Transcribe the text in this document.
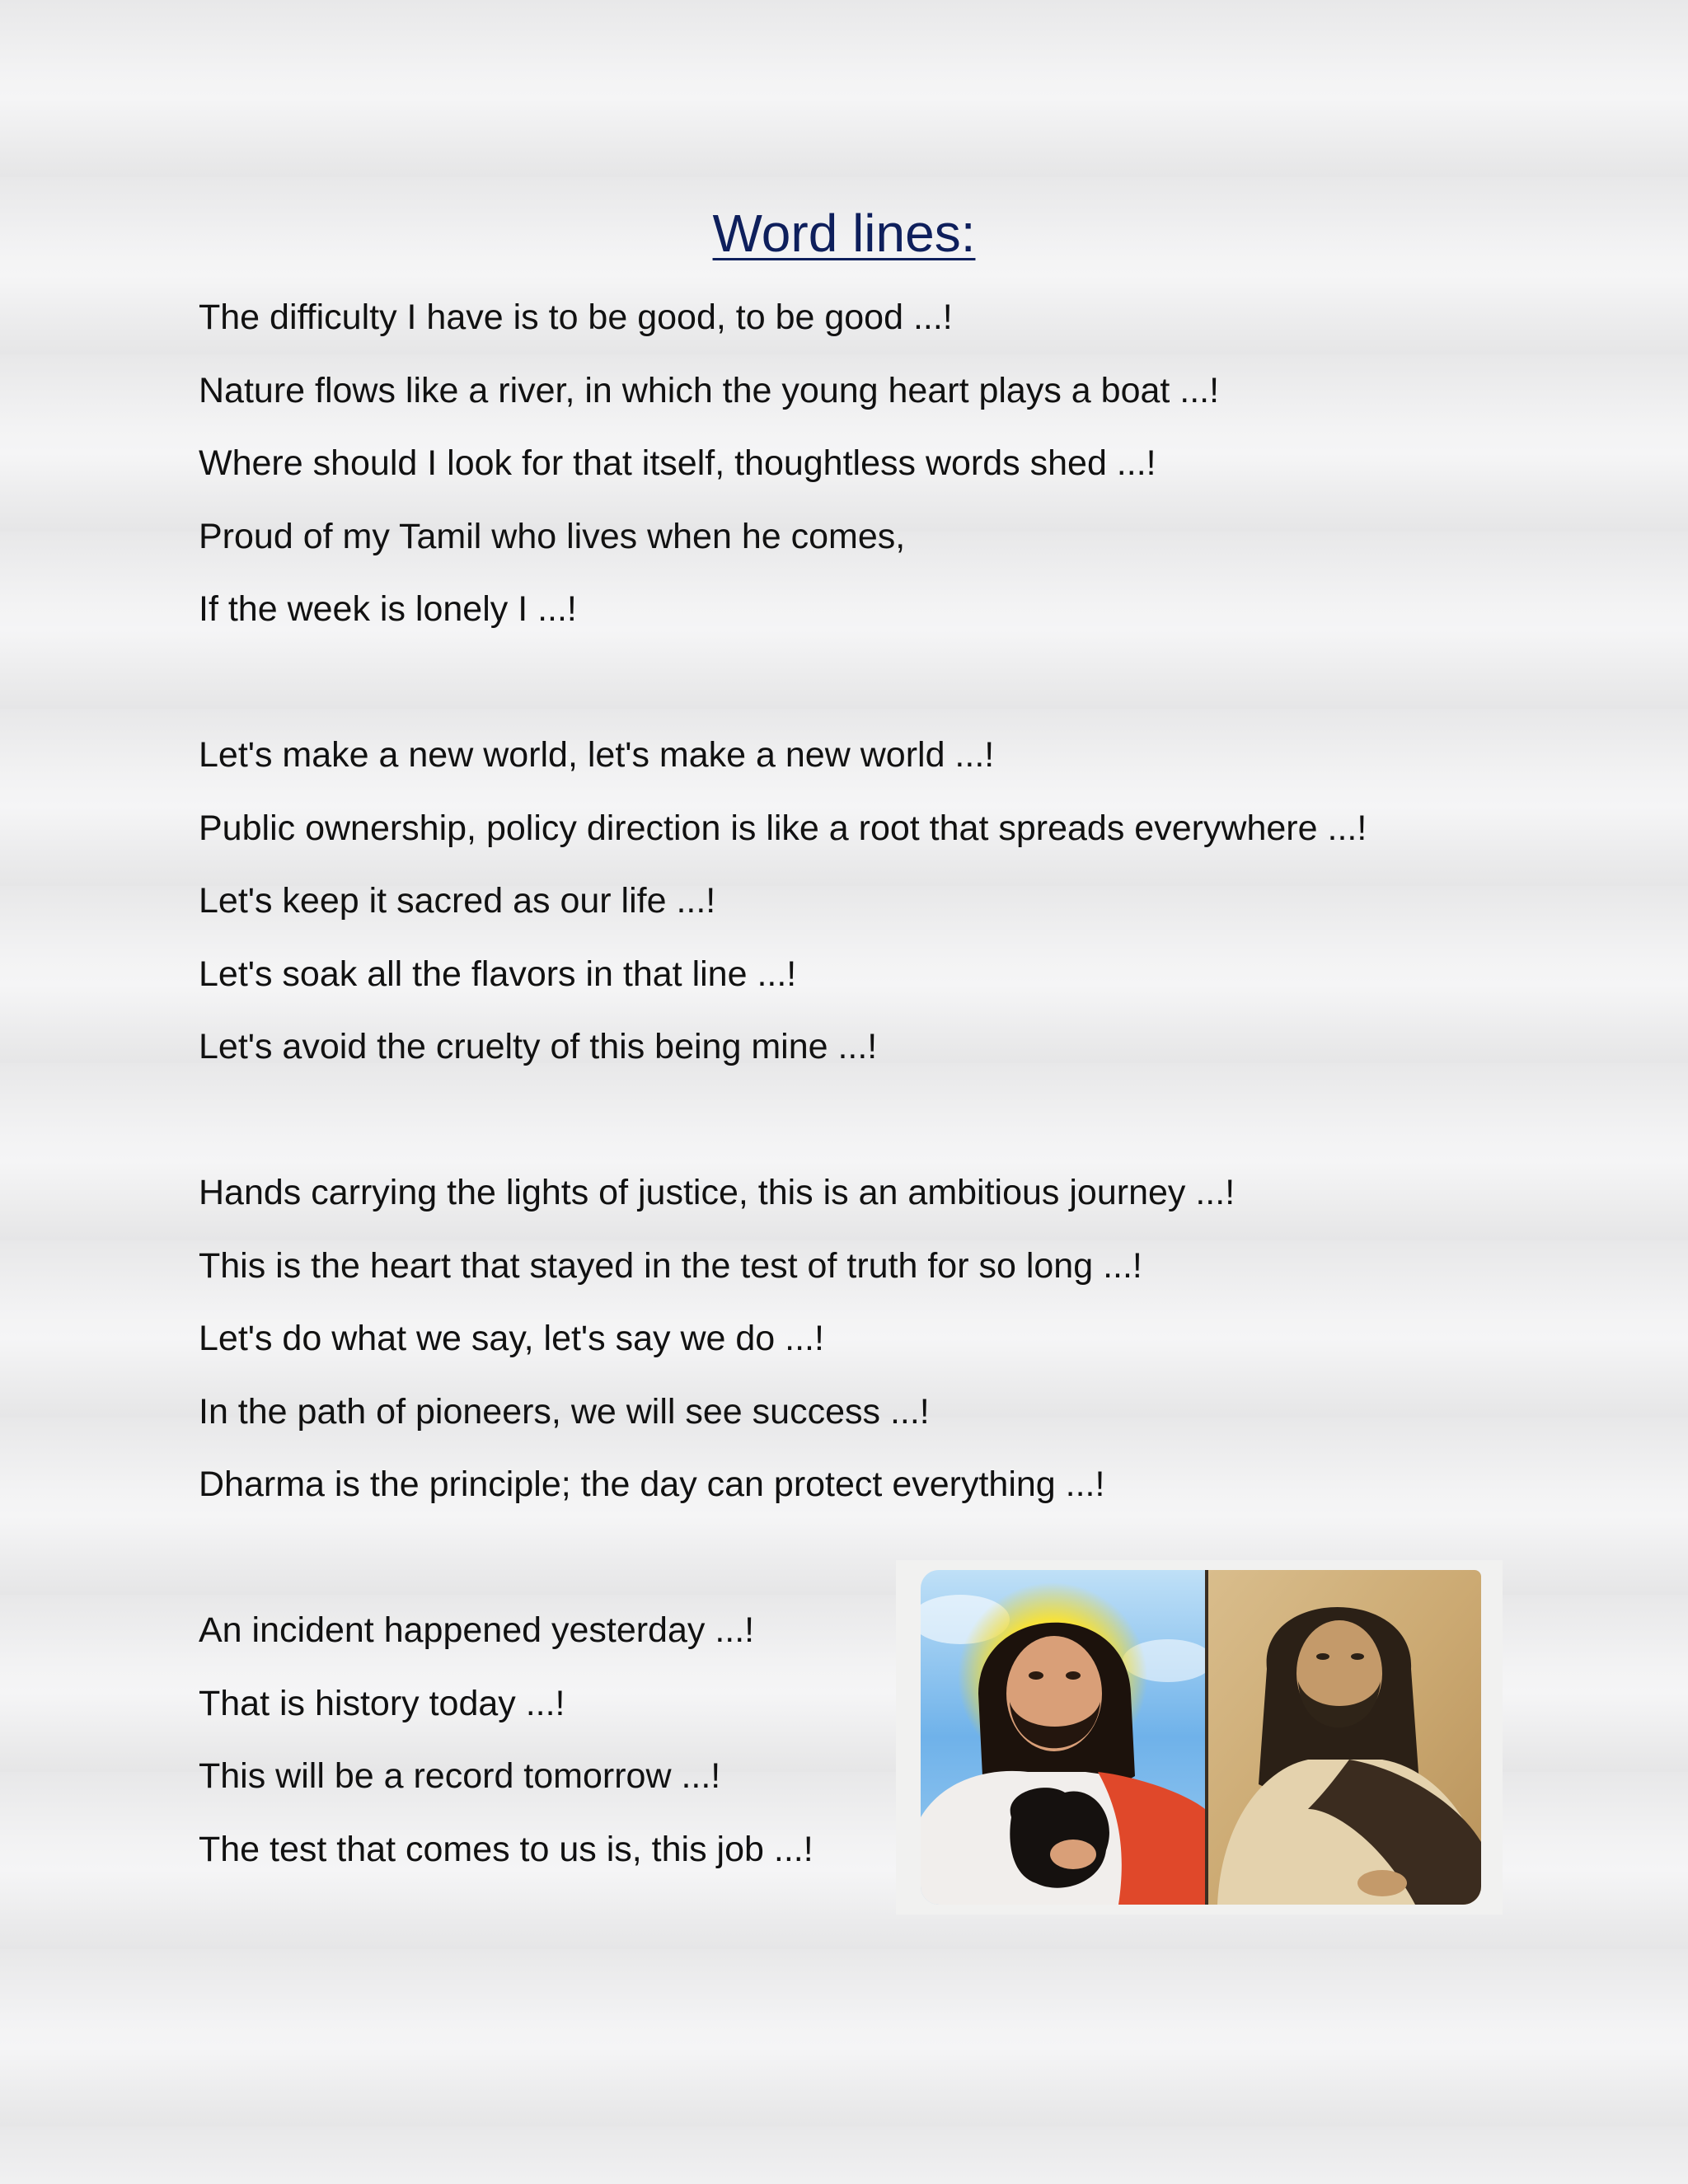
Word lines:
The difficulty I have is to be good, to be good ...!
Nature flows like a river, in which the young heart plays a boat ...!
Where should I look for that itself, thoughtless words shed ...!
Proud of my Tamil who lives when he comes,
If the week is lonely I ...!
Let's make a new world, let's make a new world ...!
Public ownership, policy direction is like a root that spreads everywhere ...!
Let's keep it sacred as our life ...!
Let's soak all the flavors in that line ...!
Let's avoid the cruelty of this being mine ...!
Hands carrying the lights of justice, this is an ambitious journey ...!
This is the heart that stayed in the test of truth for so long ...!
Let's do what we say, let's say we do ...!
In the path of pioneers, we will see success ...!
Dharma is the principle; the day can protect everything ...!
An incident happened yesterday ...!
That is history today ...!
This will be a record tomorrow ...!
The test that comes to us is, this job ...!
